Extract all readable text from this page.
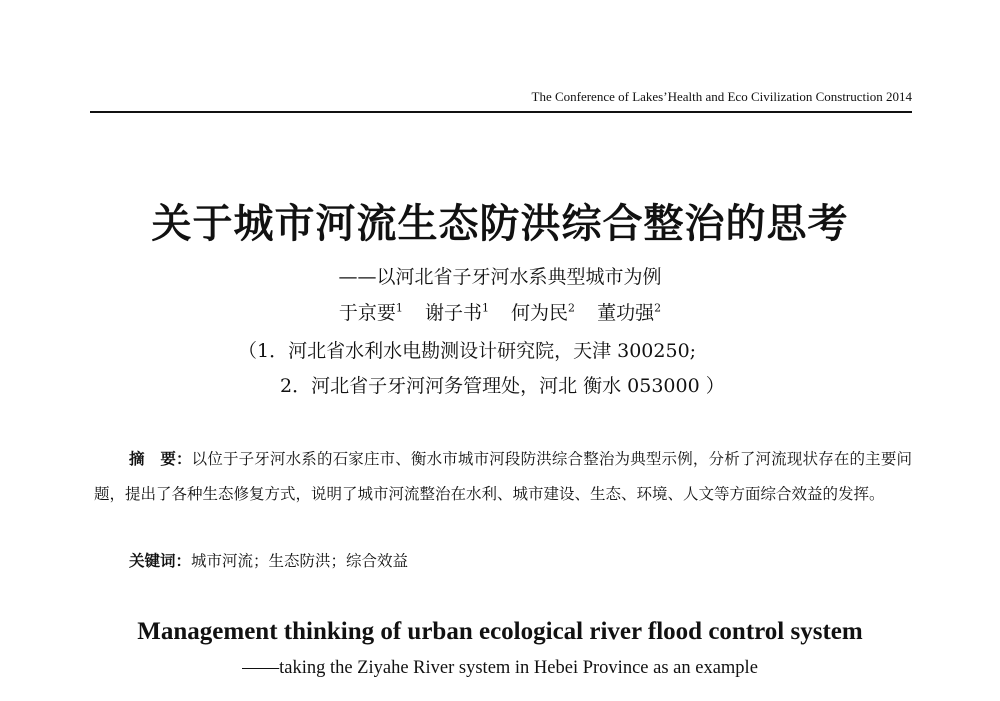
The Conference of Lakes’Health and Eco Civilization Construction 2014
关于城市河流生态防洪综合整治的思考
——以河北省子牙河水系典型城市为例
于京要$^1$ 谢子书$^1$ 何为民$^2$ 董功强$^2$
（1．河北省水利水电勘测设计研究院，天津 300250;
2．河北省子牙河河务管理处，河北 衡水 053000 ）
摘　要：以位于子牙河水系的石家庄市、衡水市城市河段防洪综合整治为典型示例，分析了河流现状存在的主要问题，提出了各种生态修复方式，说明了城市河流整治在水利、城市建设、生态、环境、人文等方面综合效益的发挥。
关键词：城市河流；生态防洪；综合效益
Management thinking of urban ecological river flood control system
——taking the Ziyahe River system in Hebei Province as an example
